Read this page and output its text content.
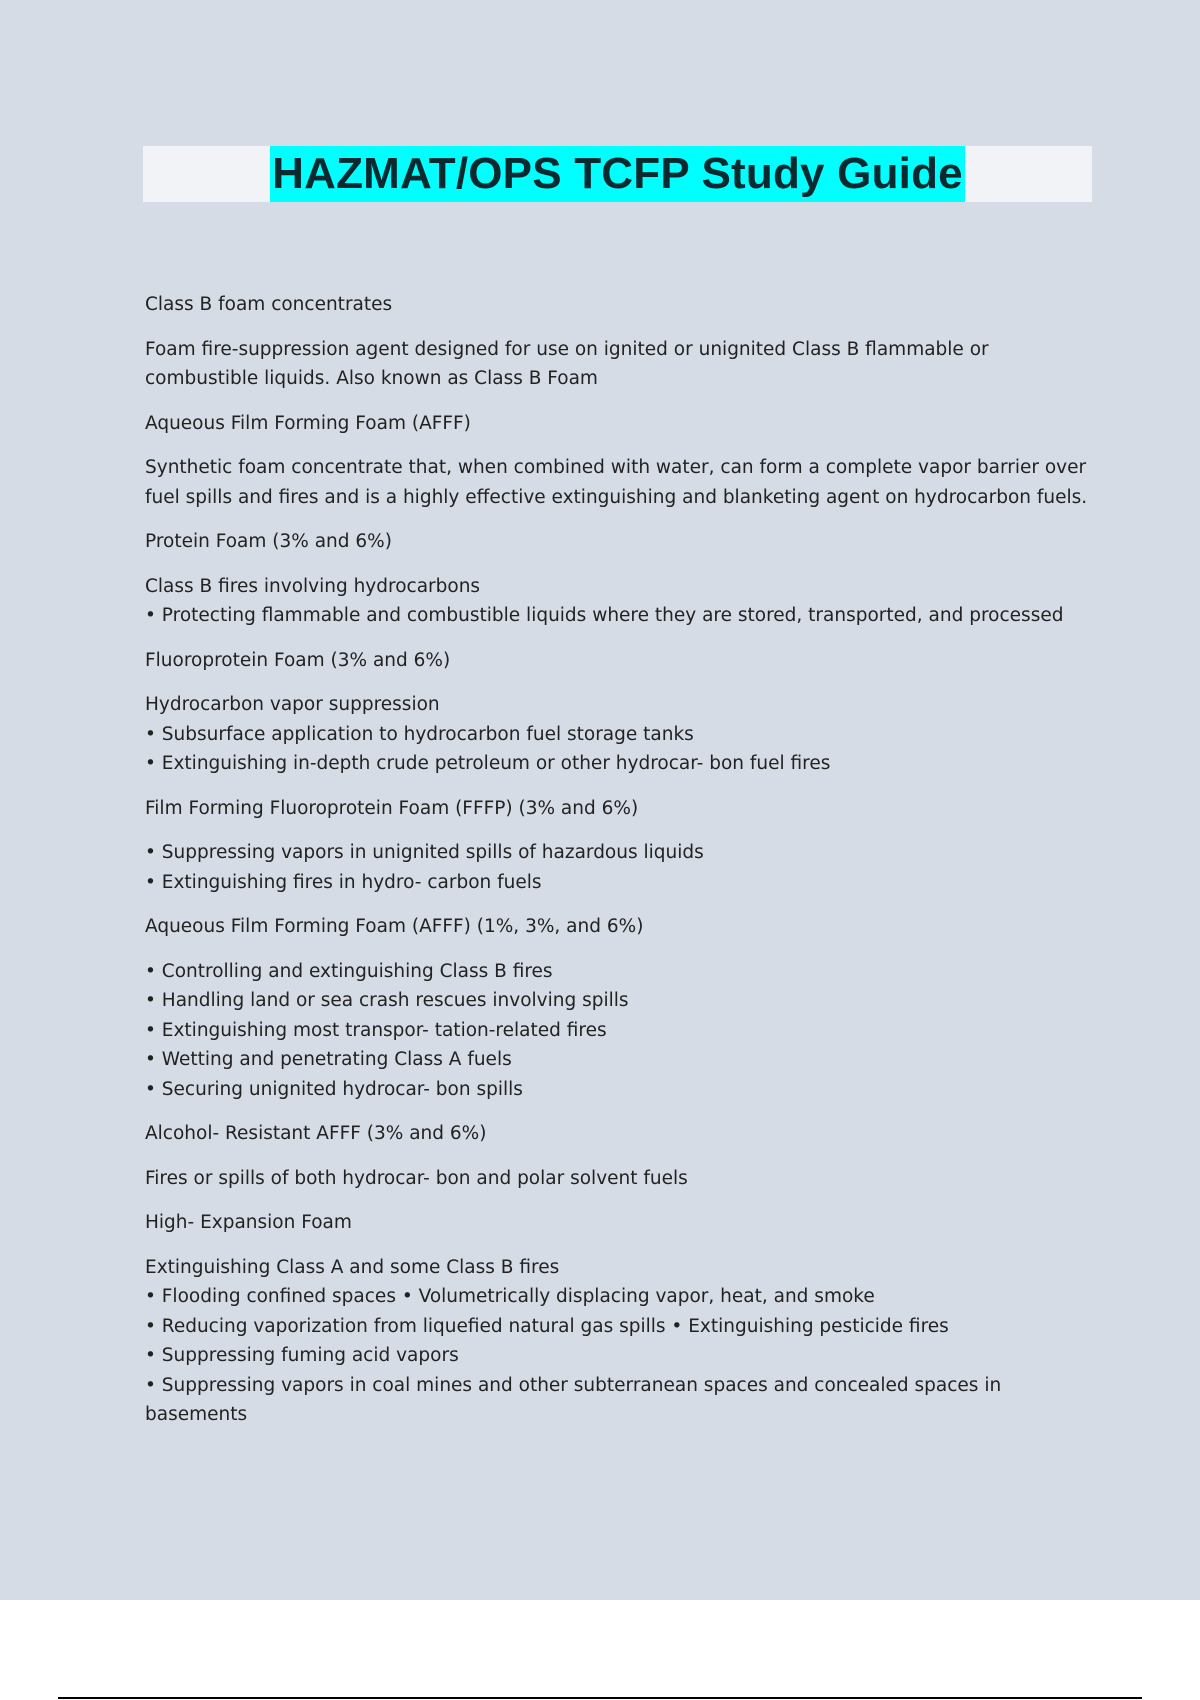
HAZMAT/OPS TCFP Study Guide

Class B foam concentrates

Foam fire-suppression agent designed for use on ignited or unignited Class B flammable or combustible liquids. Also known as Class B Foam

Aqueous Film Forming Foam (AFFF)

Synthetic foam concentrate that, when combined with water, can form a complete vapor barrier over fuel spills and fires and is a highly effective extinguishing and blanketing agent on hydrocarbon fuels.

Protein Foam (3% and 6%)

Class B fires involving hydrocarbons

• Protecting flammable and combustible liquids where they are stored, transported, and processed

Fluoroprotein Foam (3% and 6%)

Hydrocarbon vapor suppression

• Subsurface application to hydrocarbon fuel storage tanks

• Extinguishing in-depth crude petroleum or other hydrocar- bon fuel fires

Film Forming Fluoroprotein Foam (FFFP) (3% and 6%)

• Suppressing vapors in unignited spills of hazardous liquids

• Extinguishing fires in hydro- carbon fuels

Aqueous Film Forming Foam (AFFF) (1%, 3%, and 6%)

• Controlling and extinguishing Class B fires

• Handling land or sea crash rescues involving spills

• Extinguishing most transpor- tation-related fires

• Wetting and penetrating Class A fuels

• Securing unignited hydrocar- bon spills

Alcohol- Resistant AFFF (3% and 6%)

Fires or spills of both hydrocar- bon and polar solvent fuels

High- Expansion Foam

Extinguishing Class A and some Class B fires

• Flooding confined spaces • Volumetrically displacing vapor, heat, and smoke

• Reducing vaporization from liquefied natural gas spills • Extinguishing pesticide fires

• Suppressing fuming acid vapors

• Suppressing vapors in coal mines and other subterranean spaces and concealed spaces in basements
